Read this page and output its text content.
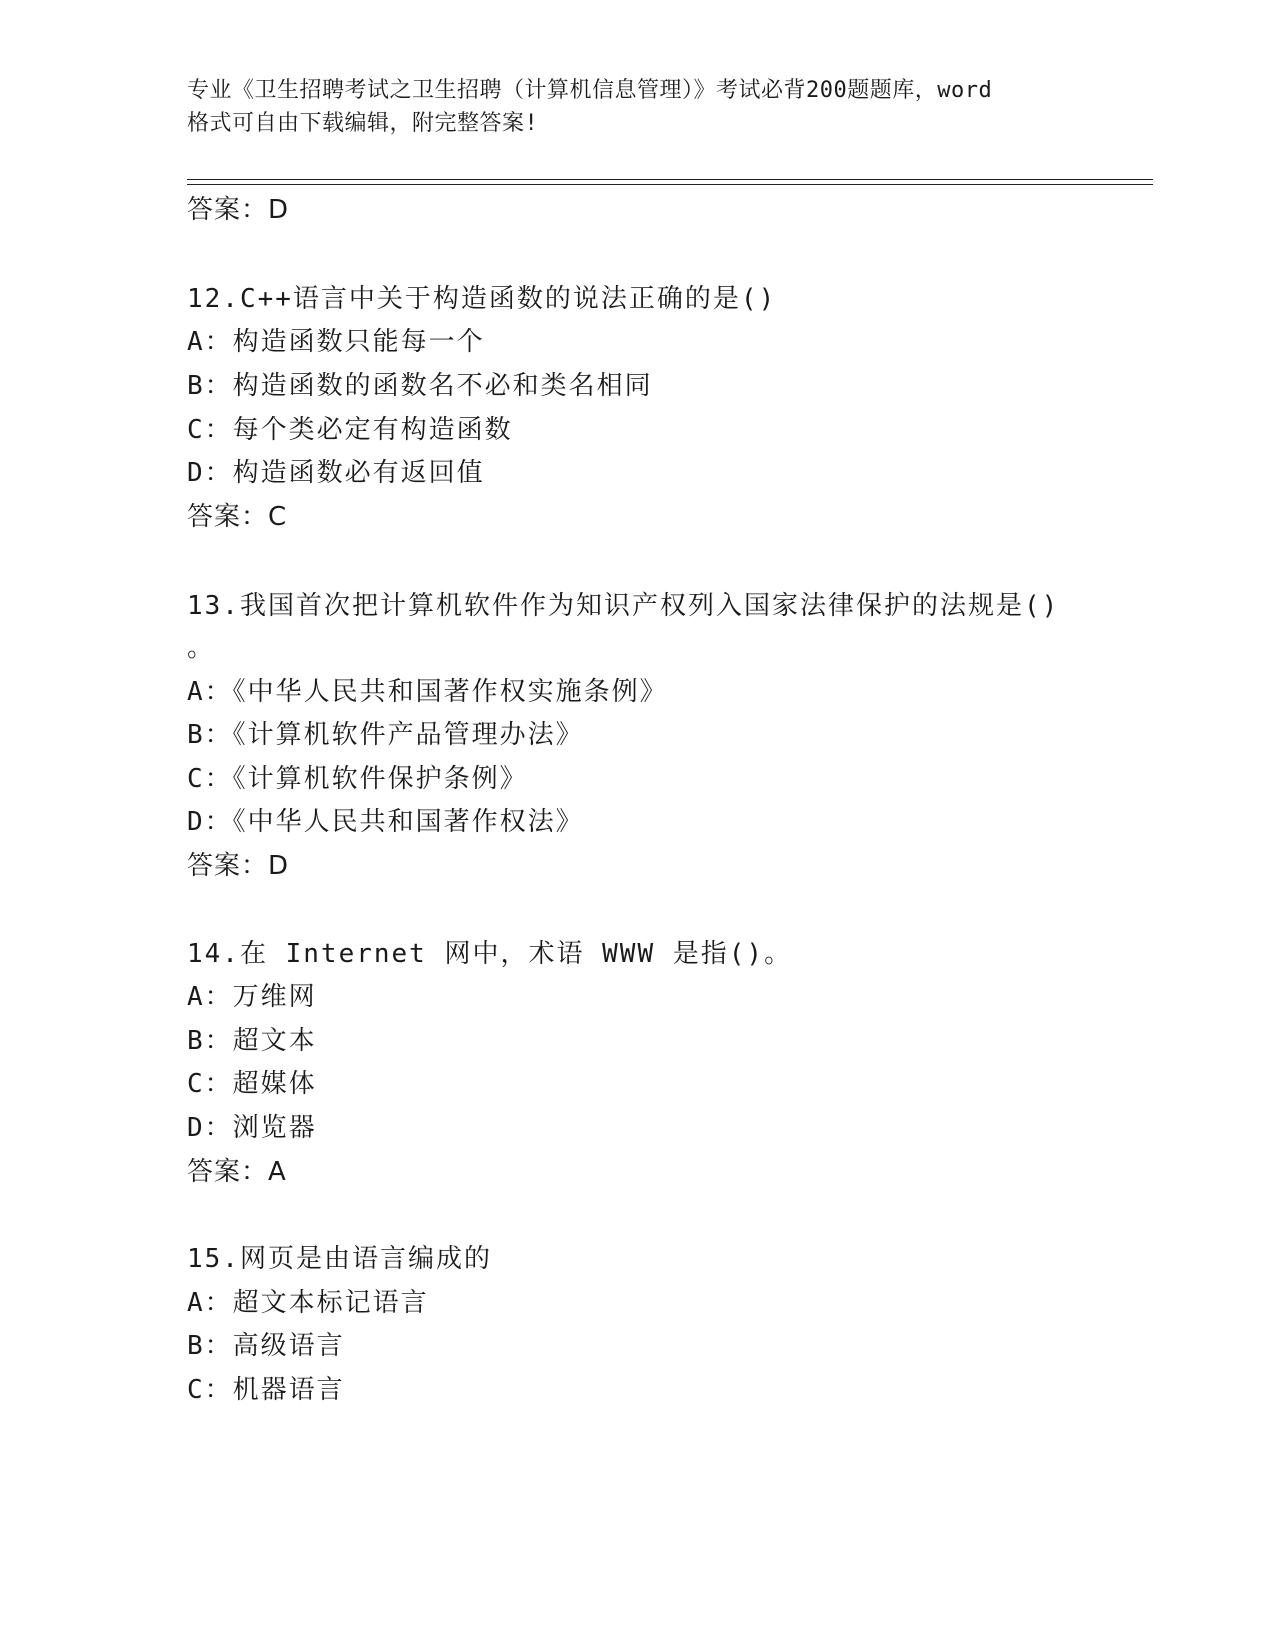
专业《卫生招聘考试之卫生招聘（计算机信息管理）》考试必背200题题库，word
格式可自由下载编辑，附完整答案!
答案：D
12.C++语言中关于构造函数的说法正确的是()
A：构造函数只能每一个
B：构造函数的函数名不必和类名相同
C：每个类必定有构造函数
D：构造函数必有返回值
答案：C
13.我国首次把计算机软件作为知识产权列入国家法律保护的法规是()
。
A：《中华人民共和国著作权实施条例》
B：《计算机软件产品管理办法》
C：《计算机软件保护条例》
D：《中华人民共和国著作权法》
答案：D
14.在 Internet 网中，术语 WWW 是指()。
A：万维网
B：超文本
C：超媒体
D：浏览器
答案：A
15.网页是由语言编成的
A：超文本标记语言
B：高级语言
C：机器语言
